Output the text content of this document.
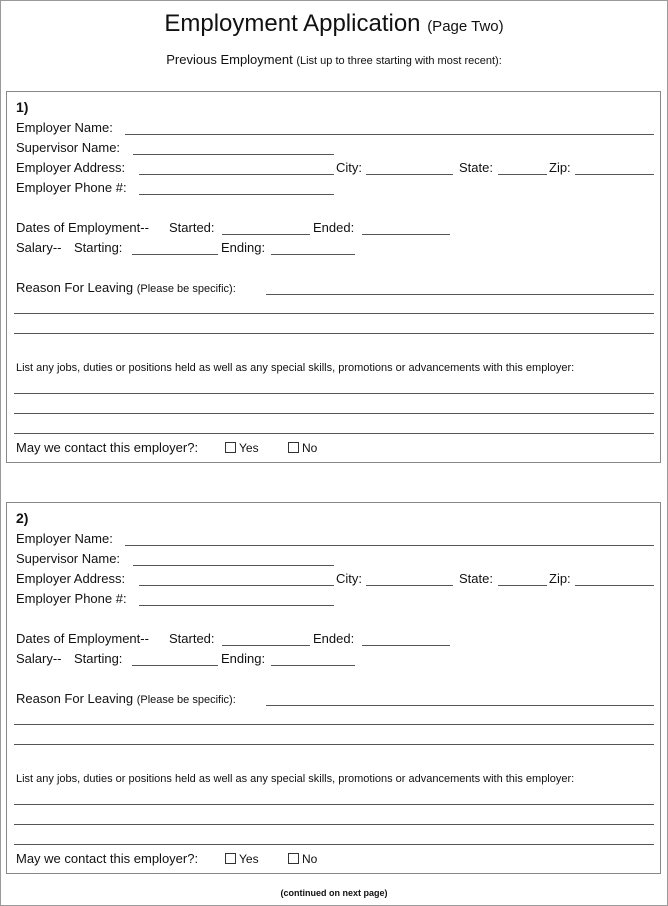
Employment Application (Page Two)
Previous Employment (List up to three starting with most recent):
1)
Employer Name:
Supervisor Name:
Employer Address:	City:	State:	Zip:
Employer Phone #:
Dates of Employment-- Started:	Ended:
Salary-- Starting:	Ending:
Reason For Leaving (Please be specific):
List any jobs, duties or positions held as well as any special skills, promotions or advancements with this employer:
May we contact this employer?:	Yes	No
2)
Employer Name:
Supervisor Name:
Employer Address:	City:	State:	Zip:
Employer Phone #:
Dates of Employment-- Started:	Ended:
Salary-- Starting:	Ending:
Reason For Leaving (Please be specific):
List any jobs, duties or positions held as well as any special skills, promotions or advancements with this employer:
May we contact this employer?:	Yes	No
(continued on next page)
